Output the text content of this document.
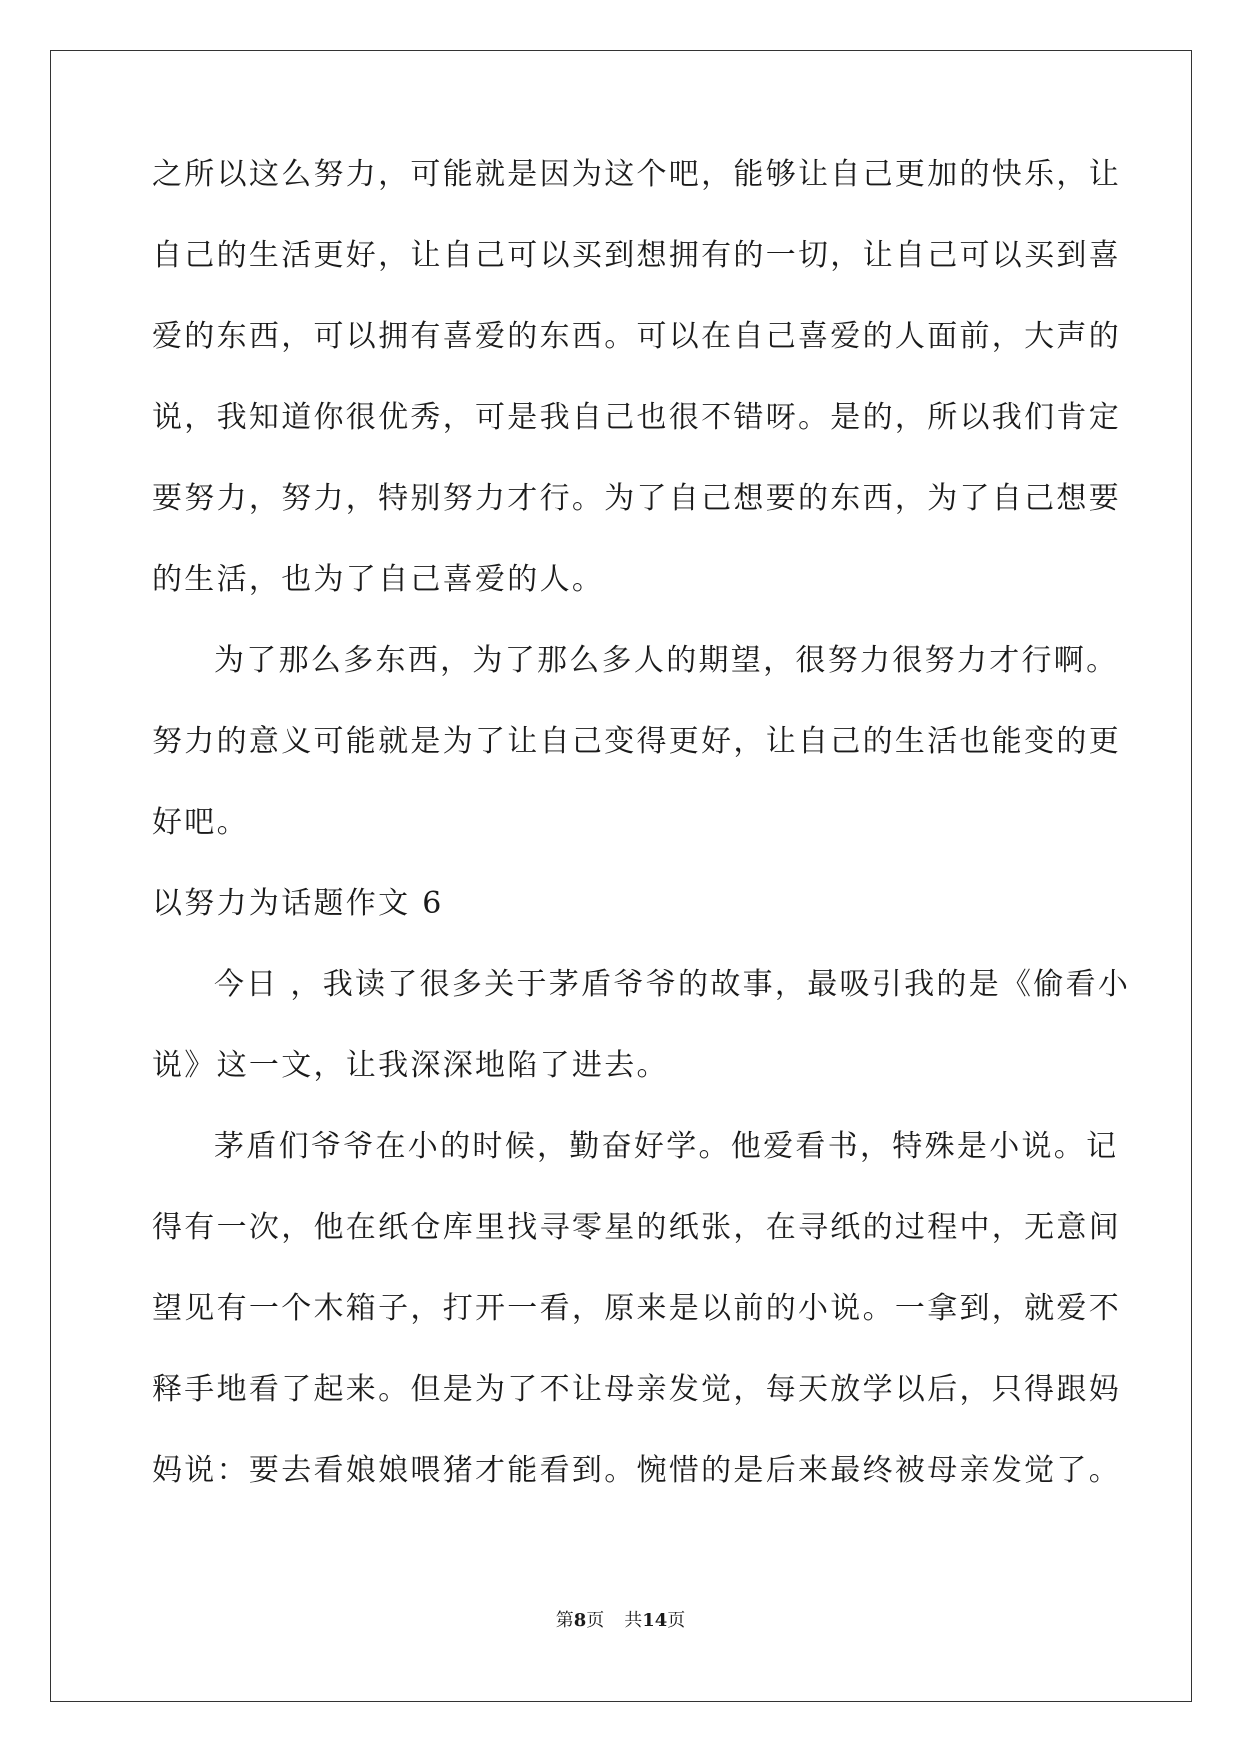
之所以这么努力，可能就是因为这个吧，能够让自己更加的快乐，让
自己的生活更好，让自己可以买到想拥有的一切，让自己可以买到喜
爱的东西，可以拥有喜爱的东西。可以在自己喜爱的人面前，大声的
说，我知道你很优秀，可是我自己也很不错呀。是的，所以我们肯定
要努力，努力，特别努力才行。为了自己想要的东西，为了自己想要
的生活，也为了自己喜爱的人。
为了那么多东西，为了那么多人的期望，很努力很努力才行啊。
努力的意义可能就是为了让自己变得更好，让自己的生活也能变的更
好吧。
以努力为话题作文 6
今日 ，我读了很多关于茅盾爷爷的故事，最吸引我的是《偷看小
说》这一文，让我深深地陷了进去。
茅盾们爷爷在小的时候，勤奋好学。他爱看书，特殊是小说。记
得有一次，他在纸仓库里找寻零星的纸张，在寻纸的过程中，无意间
望见有一个木箱子，打开一看，原来是以前的小说。一拿到，就爱不
释手地看了起来。但是为了不让母亲发觉，每天放学以后，只得跟妈
妈说：要去看娘娘喂猪才能看到。惋惜的是后来最终被母亲发觉了。
第8页 共14页
